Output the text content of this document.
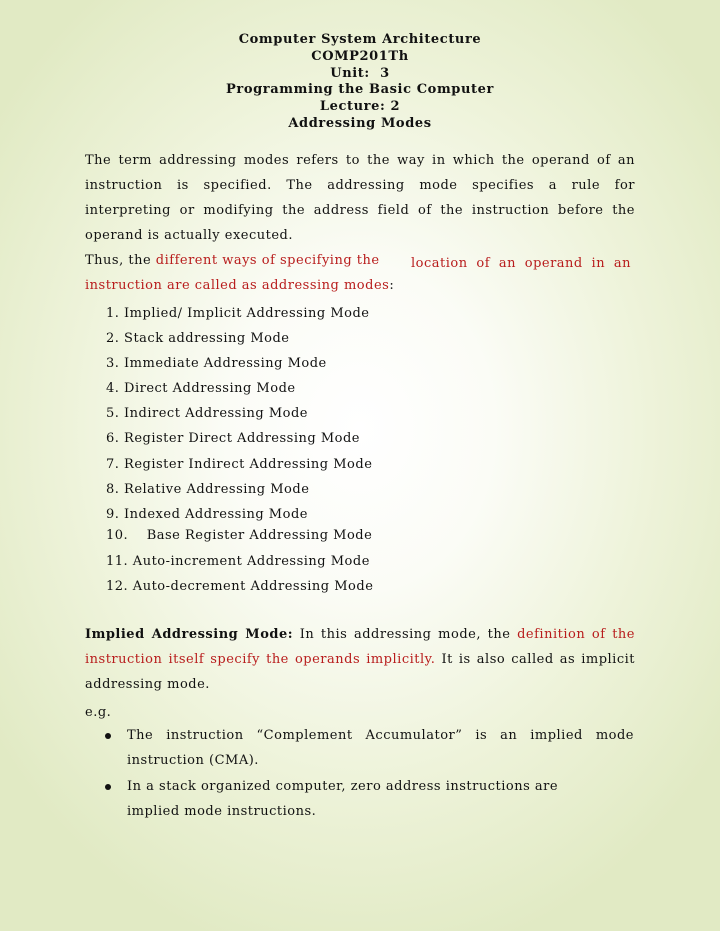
Computer System Architecture
COMP201Th
Unit:  3
Programming the Basic Computer
Lecture: 2
Addressing Modes

The term addressing modes refers to the way in which the operand of an instruction is specified. The addressing mode specifies a rule for interpreting or modifying the address field of the instruction before the operand is actually executed.

Thus, the different ways of specifying the location of an operand in an
instruction are called as addressing modes:
1. Implied/ Implicit Addressing Mode
2. Stack addressing Mode
3. Immediate Addressing Mode
4. Direct Addressing Mode
5. Indirect Addressing Mode
6. Register Direct Addressing Mode
7. Register Indirect Addressing Mode
8. Relative Addressing Mode
9. Indexed Addressing Mode
10.    Base Register Addressing Mode
11. Auto-increment Addressing Mode
12. Auto-decrement Addressing Mode

Implied Addressing Mode: In this addressing mode, the definition of the instruction itself specify the operands implicitly. It is also called as implicit addressing mode.

e.g.

The instruction “Complement Accumulator” is an implied mode instruction (CMA).

In a stack organized computer, zero address instructions are implied mode instructions.
